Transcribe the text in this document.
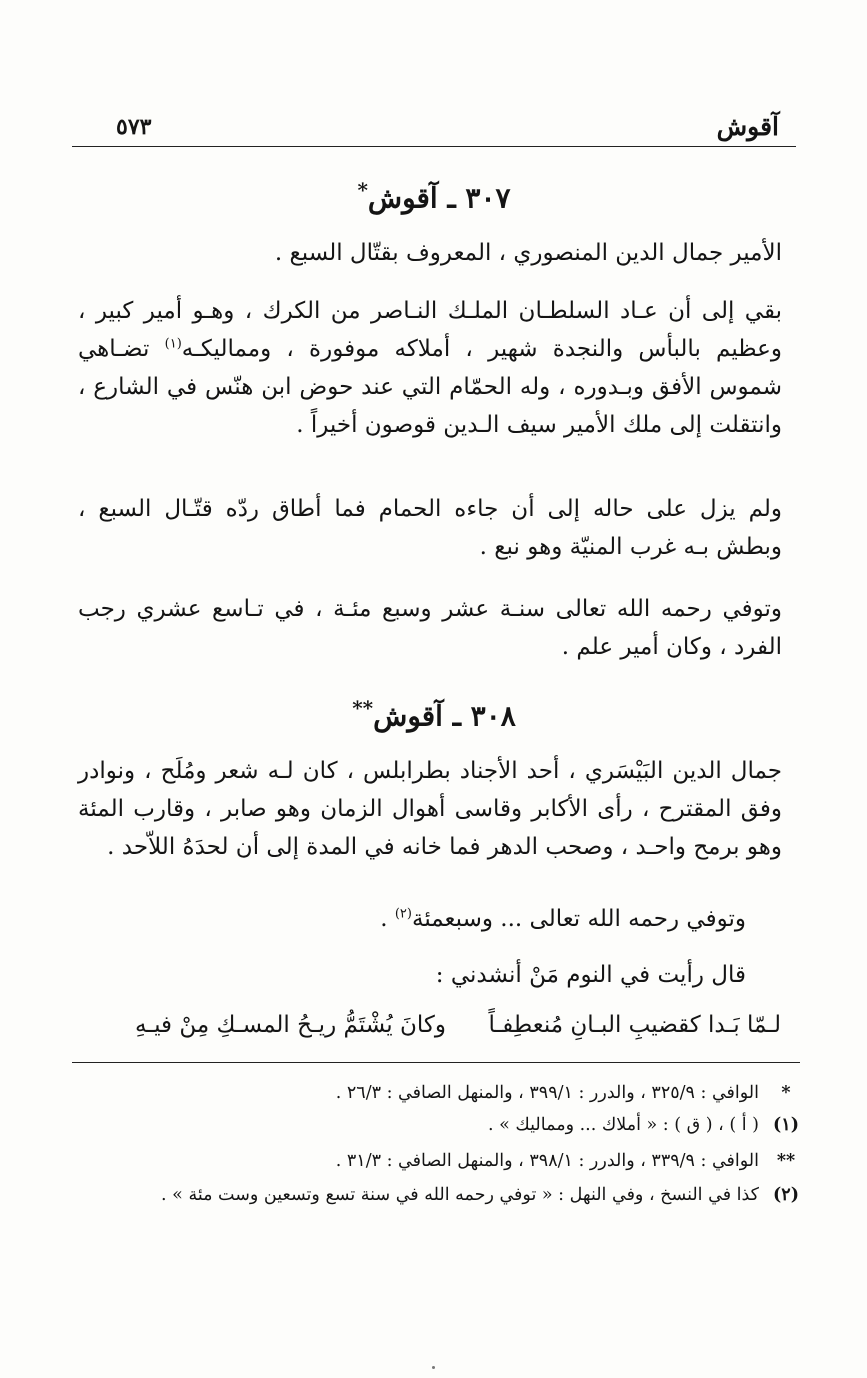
آقوش
٥٧٣
٣٠٧ ـ آقوش*
الأمير جمال الدين المنصوري ، المعروف بقتّال السبع .
بقي إلى أن عـاد السلطـان الملـك النـاصر من الكرك ، وهـو أمير كبير ، وعظيم بالبأس والنجدة شهير ، أملاكه موفورة ، ومماليكـه$^{(١)}$ تضـاهي شموس الأفق وبـدوره ، وله الحمّام التي عند حوض ابن هنّس في الشارع ، وانتقلت إلى ملك الأمير سيف الـدين قوصون أخيراً .
ولم يزل على حاله إلى أن جاءه الحمام فما أطاق ردّه قتّـال السبع ، وبطش بـه غرب المنيّة وهو نبع .
وتوفي رحمه الله تعالى سنـة عشر وسبع مئـة ، في تـاسع عشري رجب الفرد ، وكان أمير علم .
٣٠٨ ـ آقوش**
جمال الدين البَيْسَري ، أحد الأجناد بطرابلس ، كان لـه شعر ومُلَح ، ونوادر وفق المقترح ، رأى الأكابر وقاسى أهوال الزمان وهو صابر ، وقارب المئة وهو برمح واحـد ، وصحب الدهر فما خانه في المدة إلى أن لحدَهُ اللاّحد .
وتوفي رحمه الله تعالى ... وسبعمئة$^{(٢)}$ .
قال رأيت في النوم مَنْ أنشدني :
لـمّا بَـدا كقضيبِ البـانِ مُنعطِفـاً
وكانَ يُشْتَمُّ ريـحُ المسـكِ مِنْ فيـهِ
*
الوافي : ٣٢٥/٩ ، والدرر : ٣٩٩/١ ، والمنهل الصافي : ٢٦/٣ .
(١)
( أ ) ، ( ق ) : « أملاك ... ومماليك » .
**
الوافي : ٣٣٩/٩ ، والدرر : ٣٩٨/١ ، والمنهل الصافي : ٣١/٣ .
(٢)
كذا في النسخ ، وفي النهل : « توفي رحمه الله في سنة تسع وتسعين وست مئة » .
